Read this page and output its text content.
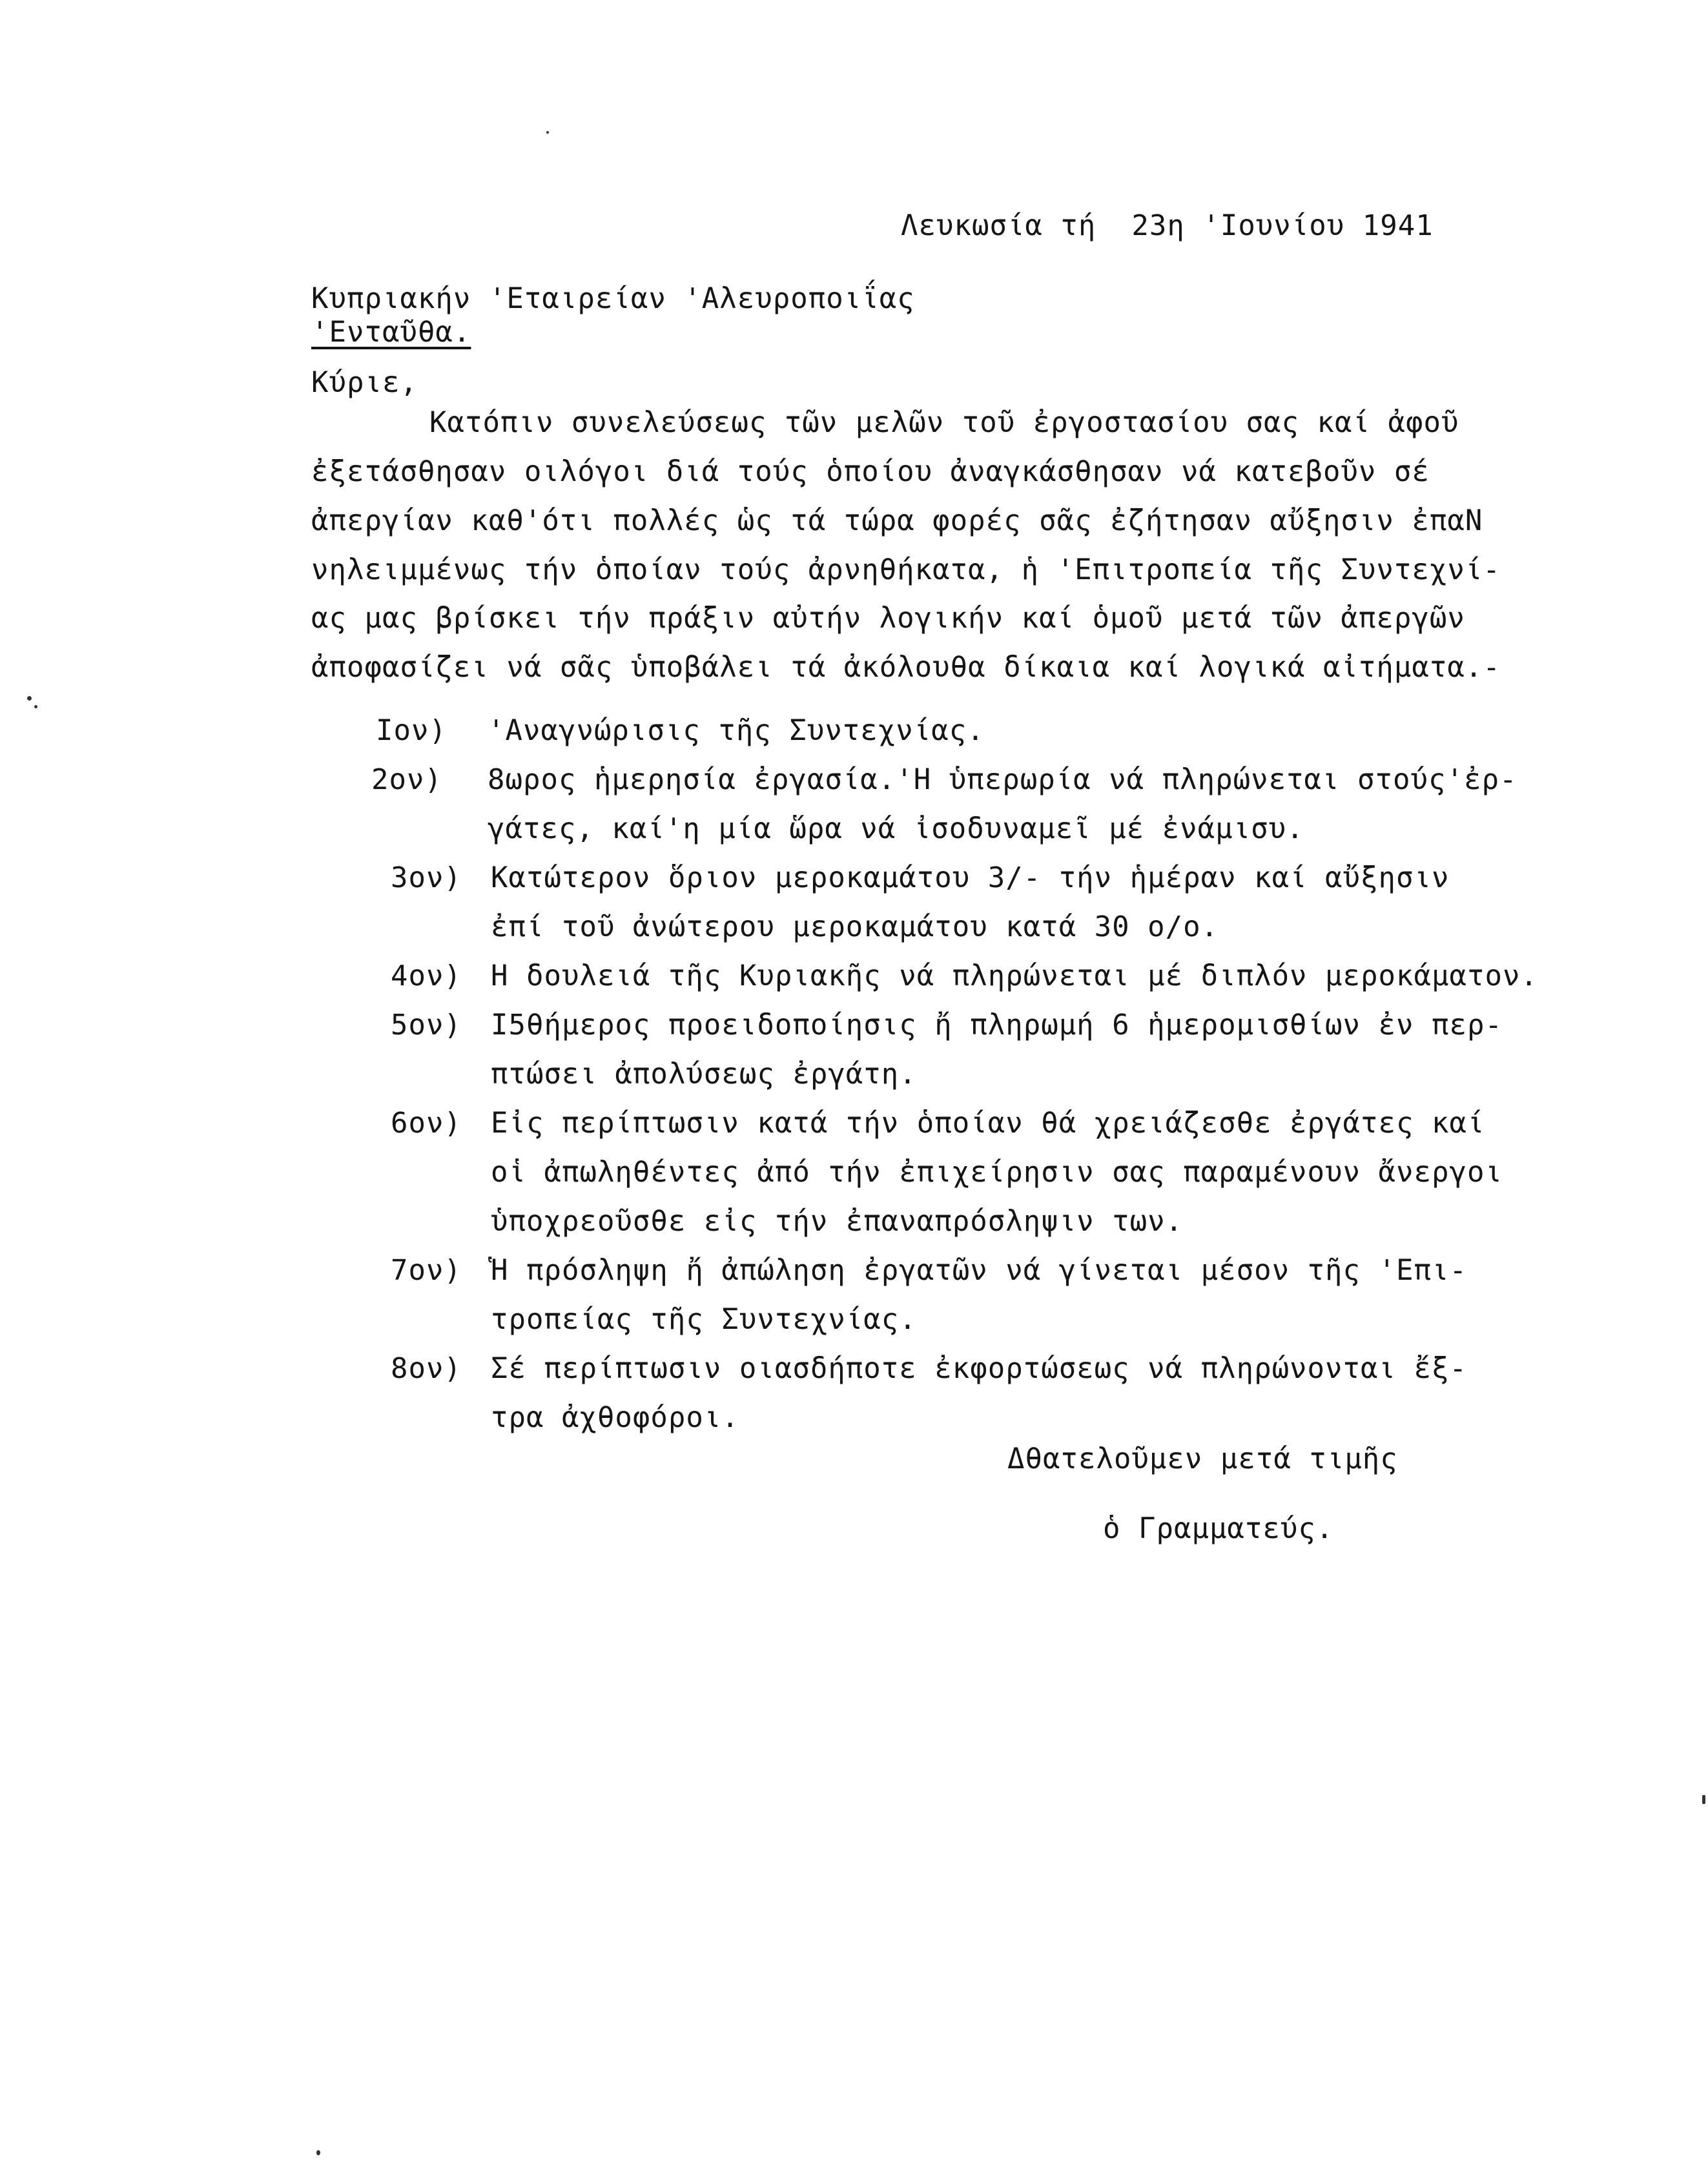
Λευκωσία τή  23η 'Ιουνίου 1941
Κυπριακήν 'Εταιρείαν 'Αλευροποιΐας
'Ενταῦθα.
Κύριε,
Κατόπιν συνελεύσεως τῶν μελῶν τοῦ ἐργοστασίου σας καί ἀφοῦ
ἐξετάσθησαν οιλόγοι διά τούς ὁποίου ἀναγκάσθησαν νά κατεβοῦν σέ
ἀπεργίαν καθ'ότι πολλές ὡς τά τώρα φορές σᾶς ἐζήτησαν αὔξησιν ἐπαΝ
νηλειμμένως τήν ὁποίαν τούς ἀρνηθήκατα, ἡ 'Επιτροπεία τῆς Συντεχνί-
ας μας βρίσκει τήν πράξιν αὐτήν λογικήν καί ὁμοῦ μετά τῶν ἀπεργῶν
ἀποφασίζει νά σᾶς ὑποβάλει τά ἀκόλουθα δίκαια καί λογικά αἰτήματα.-
Ιον) 'Αναγνώρισις τῆς Συντεχνίας.
2ον) 8ωρος ἡμερησία ἐργασία.'Η ὑπερωρία νά πληρώνεται στούς'ἐρ-
γάτες, καί'η μία ὥρα νά ἰσοδυναμεῖ μέ ἐνάμισυ.
3ον) Κατώτερον ὅριον μεροκαμάτου 3/- τήν ἡμέραν καί αὔξησιν
ἐπί τοῦ ἀνώτερου μεροκαμάτου κατά 30 ο/ο.
4ον) Η δουλειά τῆς Κυριακῆς νά πληρώνεται μέ διπλόν μεροκάματον.
5ον) Ι5θήμερος προειδοποίησις ἤ πληρωμή 6 ἡμερομισθίων ἐν περ-
πτώσει ἀπολύσεως ἐργάτη.
6ον) Εἰς περίπτωσιν κατά τήν ὁποίαν θά χρειάζεσθε ἐργάτες καί
οἱ ἀπωληθέντες ἀπό τήν ἐπιχείρησιν σας παραμένουν ἄνεργοι
ὑποχρεοῦσθε εἰς τήν ἐπαναπρόσληψιν των.
7ον) Ἡ πρόσληψη ἤ ἀπώληση ἐργατῶν νά γίνεται μέσον τῆς 'Επι-
τροπείας τῆς Συντεχνίας.
8ον) Σέ περίπτωσιν οιασδήποτε ἐκφορτώσεως νά πληρώνονται ἔξ-
τρα ἀχθοφόροι.
Δθατελοῦμεν μετά τιμῆς
ὁ Γραμματεύς.
